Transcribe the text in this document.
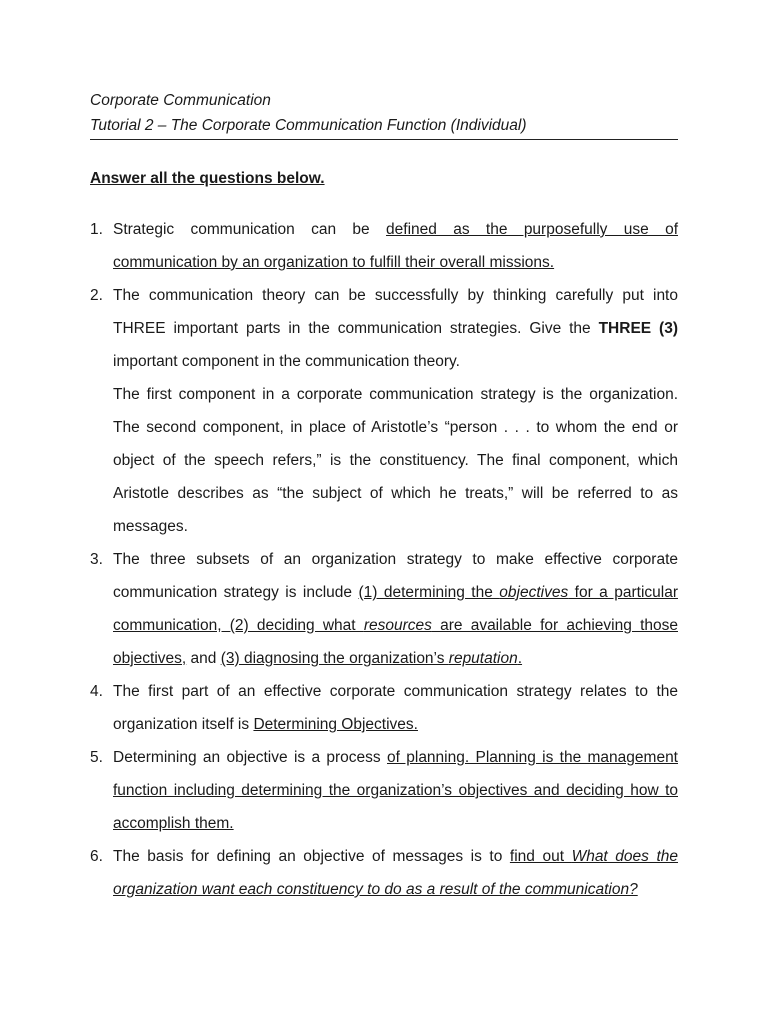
Corporate Communication
Tutorial 2 – The Corporate Communication Function (Individual)
Answer all the questions below.
1. Strategic communication can be defined as the purposefully use of communication by an organization to fulfill their overall missions.
2. The communication theory can be successfully by thinking carefully put into THREE important parts in the communication strategies. Give the THREE (3) important component in the communication theory.

The first component in a corporate communication strategy is the organization. The second component, in place of Aristotle’s “person . . . to whom the end or object of the speech refers,” is the constituency. The final component, which Aristotle describes as “the subject of which he treats,” will be referred to as messages.

3. The three subsets of an organization strategy to make effective corporate communication strategy is include (1) determining the objectives for a particular communication, (2) deciding what resources are available for achieving those objectives, and (3) diagnosing the organization’s reputation.
4. The first part of an effective corporate communication strategy relates to the organization itself is Determining Objectives.
5. Determining an objective is a process of planning. Planning is the management function including determining the organization’s objectives and deciding how to accomplish them.
6. The basis for defining an objective of messages is to find out What does the organization want each constituency to do as a result of the communication?
